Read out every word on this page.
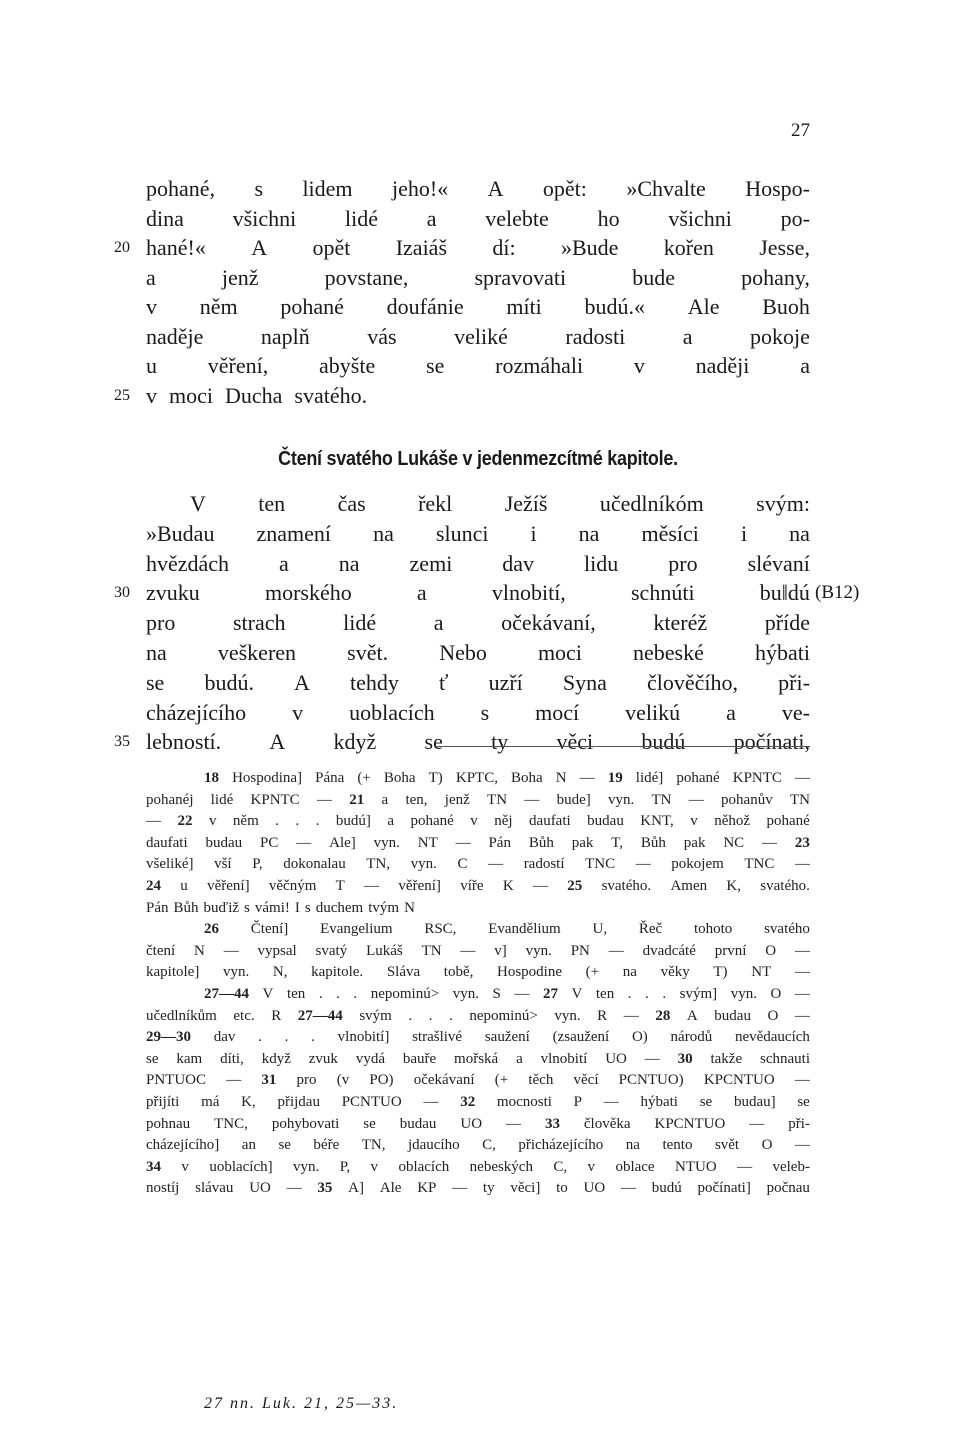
27
pohané, s lidem jeho!« A opět: »Chvalte Hospo-
dina všichni lidé a velebte ho všichni po-
hané!« A opět Izaiáš dí: »Bude kořen Jesse,
a	jenž	povstane,	spravovati	bude	pohany,
v něm pohané doufánie míti budú.« Ale Buoh
naděje	naplň	vás	veliké	radosti	a	pokoje
u věření, abyšte se rozmáhali v naději a
v moci Ducha svatého.
20
25
Čtení svatého Lukáše v jedenmezcítmé kapitole.
V ten čas řekl Ježíš učedlníkóm svým:
»Budau znamení na slunci i na měsíci i na
hvězdách a na zemi dav lidu pro slévaní
zvuku	morského	a	vlnobití,	schnúti	bu‖dú
pro	strach	lidé	a	očekávaní,	kteréž	příde
na veškeren svět. Nebo moci nebeské hýbati
se budú. A tehdy ť uzří Syna člověčího, při-
cházejícího v uoblacích s mocí velikú a ve-
lebností. A když se ty věci budú počínati,
30
35
(B12)
18 Hospodina] Pána (+ Boha T) KPTC, Boha N — 19 lidé] pohané KPNTC —
pohanéj lidé KPNTC — 21 a ten, jenž TN — bude] vyn. TN — pohanův TN
— 22 v něm . . . budú] a pohané v něj daufati budau KNT, v něhož pohané
daufati budau PC — Ale] vyn. NT — Pán Bůh pak T, Bůh pak NC — 23
všeliké] vší P, dokonalau TN, vyn. C — radostí TNC — pokojem TNC —
24 u věření] věčným T — věření] víře K — 25 svatého. Amen K, svatého.
Pán Bůh buďiž s vámi! I s duchem tvým N
26 Čtení] Evangelium RSC, Evandělium U, Řeč tohoto svatého
čtení N — vypsal svatý Lukáš TN — v] vyn. PN — dvadcáté první O —
kapitole] vyn. N, kapitole. Sláva tobě, Hospodine (+ na věky T) NT —
27—44 V ten . . . nepominú> vyn. S — 27 V ten . . . svým] vyn. O —
učedlníkům etc. R 27—44 svým . . . nepominú> vyn. R — 28 A budau O —
29—30 dav . . . vlnobití] strašlivé saužení (zsaužení O) národů nevědaucích
se kam díti, když zvuk vydá bauře mořská a vlnobití UO — 30 takže schnauti
PNTUOC — 31 pro (v PO) očekávaní (+ těch věcí PCNTUO) KPCNTUO —
přijíti má K, přijdau PCNTUO — 32 mocnosti P — hýbati se budau] se
pohnau TNC, pohybovati se budau UO — 33 člověka KPCNTUO — při-
cházejícího] an se béře TN, jdaucího C, přicházejícího na tento svět O —
34 v uoblacích] vyn. P, v oblacích nebeských C, v oblace NTUO — veleb-
nostíj slávau UO — 35 A] Ale KP — ty věci] to UO — budú počínati] počnau
27 nn. Luk. 21, 25—33.
